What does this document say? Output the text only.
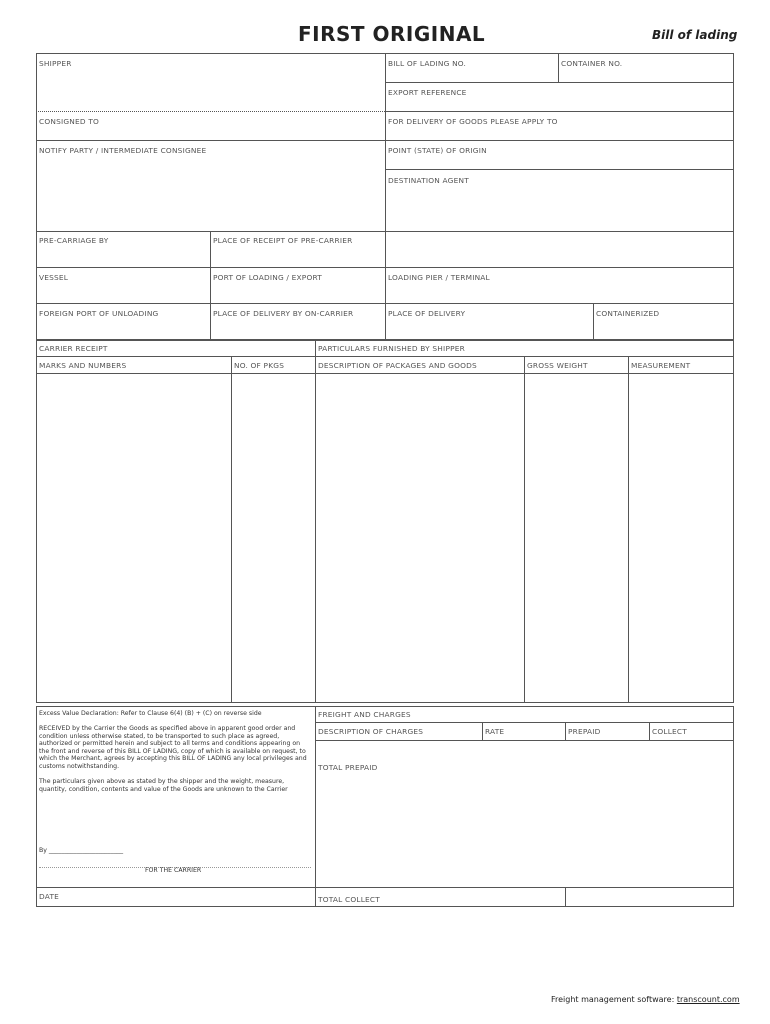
FIRST ORIGINAL	Bill of lading
SHIPPER	BILL OF LADING NO.	CONTAINER NO.
EXPORT REFERENCE
CONSIGNED TO	FOR DELIVERY OF GOODS PLEASE APPLY TO
NOTIFY PARTY / INTERMEDIATE CONSIGNEE	POINT (STATE) OF ORIGIN
DESTINATION AGENT
PRE-CARRIAGE BY	PLACE OF RECEIPT OF PRE-CARRIER
VESSEL	PORT OF LOADING / EXPORT	LOADING PIER / TERMINAL
FOREIGN PORT OF UNLOADING	PLACE OF DELIVERY BY ON-CARRIER	PLACE OF DELIVERY	CONTAINERIZED
CARRIER RECEIPT	PARTICULARS FURNISHED BY SHIPPER
MARKS AND NUMBERS	NO. OF PKGS	DESCRIPTION OF PACKAGES AND GOODS	GROSS WEIGHT	MEASUREMENT
FREIGHT AND CHARGES
DESCRIPTION OF CHARGES	RATE	PREPAID	COLLECT
TOTAL PREPAID
TOTAL COLLECT
Excess Value Declaration: Refer to Clause 6(4) (B) + (C) on reverse side
RECEIVED by the Carrier the Goods as specified above in apparent good order and condition unless otherwise stated, to be transported to such place as agreed, authorized or permitted herein and subject to all terms and conditions appearing on the front and reverse of this BILL OF LADING, copy of which is available on request, to which the Merchant, agrees by accepting this BILL OF LADING any local privileges and customs notwithstanding.
The particulars given above as stated by the shipper and the weight, measure, quantity, condition, contents and value of the Goods are unknown to the Carrier
By ________________________
FOR THE CARRIER
DATE
Freight management software: transcount.com
